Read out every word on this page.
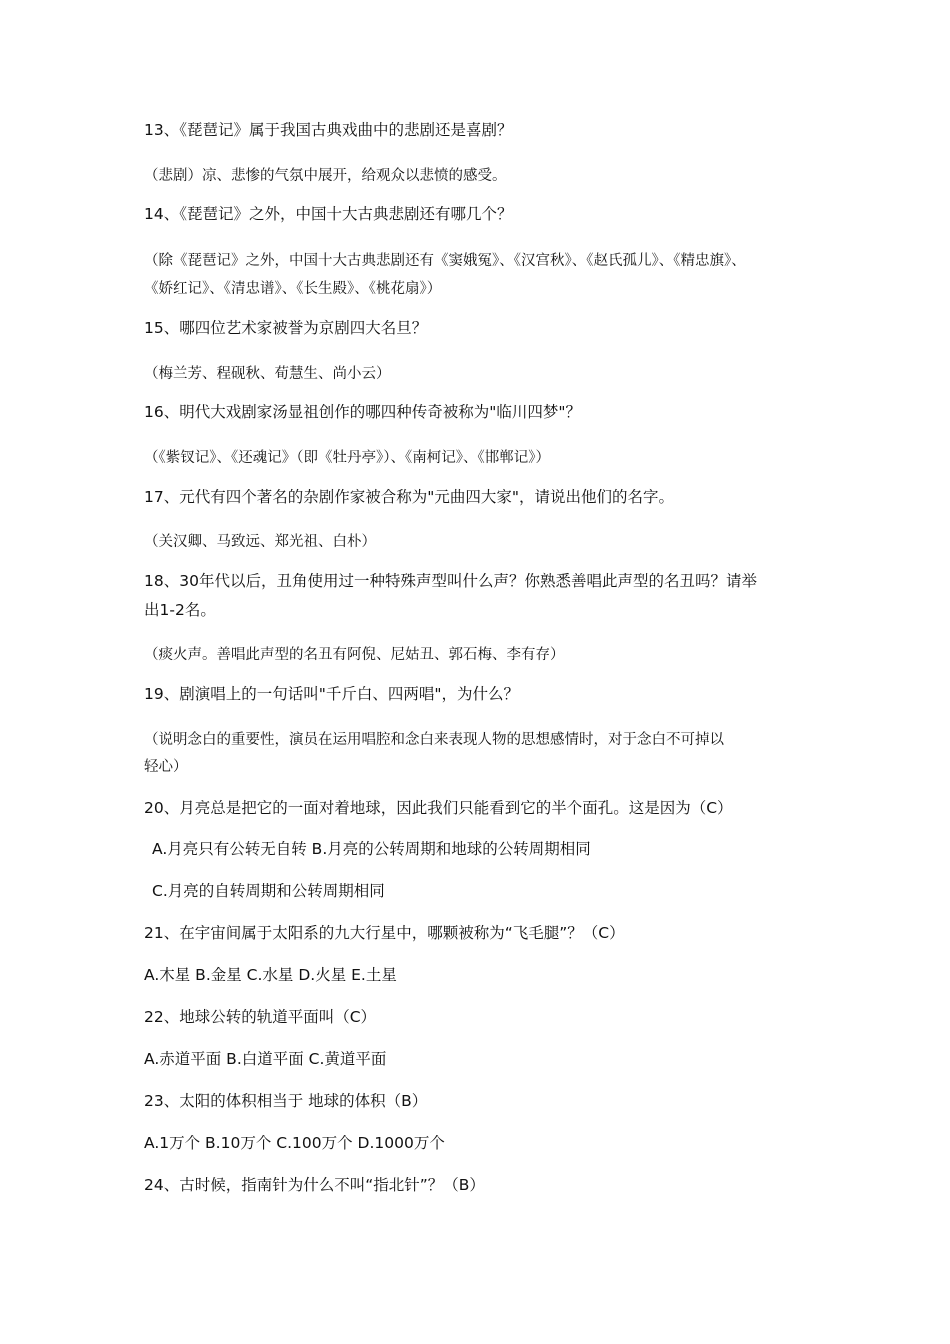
13、《琵琶记》属于我国古典戏曲中的悲剧还是喜剧？
（悲剧）凉、悲惨的气氛中展开，给观众以悲愤的感受。
14、《琵琶记》之外，中国十大古典悲剧还有哪几个？
（除《琵琶记》之外，中国十大古典悲剧还有《窦娥冤》、《汉宫秋》、《赵氏孤儿》、《精忠旗》、
《娇红记》、《清忠谱》、《长生殿》、《桃花扇》）
15、哪四位艺术家被誉为京剧四大名旦？
（梅兰芳、程砚秋、荀慧生、尚小云）
16、明代大戏剧家汤显祖创作的哪四种传奇被称为"临川四梦"？
（《紫钗记》、《还魂记》（即《牡丹亭》）、《南柯记》、《邯郸记》）
17、元代有四个著名的杂剧作家被合称为"元曲四大家"，请说出他们的名字。
（关汉卿、马致远、郑光祖、白朴）
18、30年代以后，丑角使用过一种特殊声型叫什么声？你熟悉善唱此声型的名丑吗？请举
出1-2名。
（痰火声。善唱此声型的名丑有阿倪、尼姑丑、郭石梅、李有存）
19、剧演唱上的一句话叫"千斤白、四两唱"，为什么？
（说明念白的重要性，演员在运用唱腔和念白来表现人物的思想感情时，对于念白不可掉以
轻心）
20、月亮总是把它的一面对着地球，因此我们只能看到它的半个面孔。这是因为（C）
A.月亮只有公转无自转 B.月亮的公转周期和地球的公转周期相同
C.月亮的自转周期和公转周期相同
21、在宇宙间属于太阳系的九大行星中，哪颗被称为“飞毛腿”？（C）
A.木星 B.金星 C.水星 D.火星 E.土星
22、地球公转的轨道平面叫（C）
A.赤道平面 B.白道平面 C.黄道平面
23、太阳的体积相当于 地球的体积（B）
A.1万个 B.10万个 C.100万个 D.1000万个
24、古时候，指南针为什么不叫“指北针”？（B）
